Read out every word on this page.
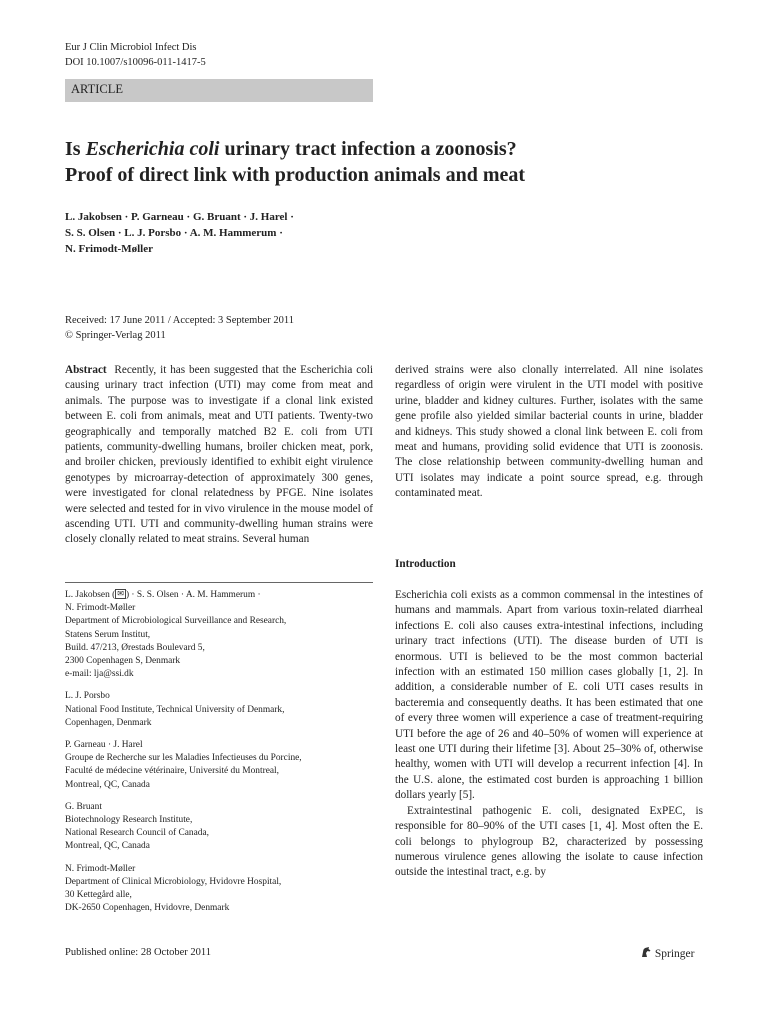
Eur J Clin Microbiol Infect Dis
DOI 10.1007/s10096-011-1417-5
ARTICLE
Is Escherichia coli urinary tract infection a zoonosis?
Proof of direct link with production animals and meat
L. Jakobsen · P. Garneau · G. Bruant · J. Harel ·
S. S. Olsen · L. J. Porsbo · A. M. Hammerum ·
N. Frimodt-Møller
Received: 17 June 2011 / Accepted: 3 September 2011
© Springer-Verlag 2011

Abstract Recently, it has been suggested that the Escherichia coli causing urinary tract infection (UTI) may come from meat and animals. The purpose was to investigate if a clonal link existed between E. coli from animals, meat and UTI patients. Twenty-two geographically and temporally matched B2 E. coli from UTI patients, community-dwelling humans, broiler chicken meat, pork, and broiler chicken, previously identified to exhibit eight virulence genotypes by microarray-detection of approximately 300 genes, were investigated for clonal relatedness by PFGE. Nine isolates were selected and tested for in vivo virulence in the mouse model of ascending UTI. UTI and community-dwelling human strains were closely clonally related to meat strains. Several human

derived strains were also clonally interrelated. All nine isolates regardless of origin were virulent in the UTI model with positive urine, bladder and kidney cultures. Further, isolates with the same gene profile also yielded similar bacterial counts in urine, bladder and kidneys. This study showed a clonal link between E. coli from meat and humans, providing solid evidence that UTI is zoonosis. The close relationship between community-dwelling human and UTI isolates may indicate a point source spread, e.g. through contaminated meat.

Introduction

Escherichia coli exists as a common commensal in the intestines of humans and mammals. Apart from various toxin-related diarrheal infections E. coli also causes extra-intestinal infections, including urinary tract infections (UTI). The disease burden of UTI is enormous. UTI is believed to be the most common bacterial infection with an estimated 150 million cases globally [1, 2]. In addition, a considerable number of E. coli UTI cases results in bacteremia and consequently deaths. It has been estimated that one of every three women will experience a case of treatment-requiring UTI before the age of 26 and 40–50% of women will experience at least one UTI during their lifetime [3]. About 25–30% of, otherwise healthy, women with UTI will develop a recurrent infection [4]. In the U.S. alone, the estimated cost burden is approaching 1 billion dollars yearly [5].

Extraintestinal pathogenic E. coli, designated ExPEC, is responsible for 80–90% of the UTI cases [1, 4]. Most often the E. coli belongs to phylogroup B2, characterized by possessing numerous virulence genes allowing the isolate to cause infection outside the intestinal tract, e.g. by

L. Jakobsen ( ✉ ) · S. S. Olsen · A. M. Hammerum ·
N. Frimodt-Møller
Department of Microbiological Surveillance and Research,
Statens Serum Institut,
Build. 47/213, Ørestads Boulevard 5,
2300 Copenhagen S, Denmark
e-mail: lja@ssi.dk

L. J. Porsbo
National Food Institute, Technical University of Denmark,
Copenhagen, Denmark

P. Garneau · J. Harel
Groupe de Recherche sur les Maladies Infectieuses du Porcine,
Faculté de médecine vétérinaire, Université du Montreal,
Montreal, QC, Canada

G. Bruant
Biotechnology Research Institute,
National Research Council of Canada,
Montreal, QC, Canada

N. Frimodt-Møller
Department of Clinical Microbiology, Hvidovre Hospital,
30 Kettegård alle,
DK-2650 Copenhagen, Hvidovre, Denmark

Published online: 28 October 2011	Springer
